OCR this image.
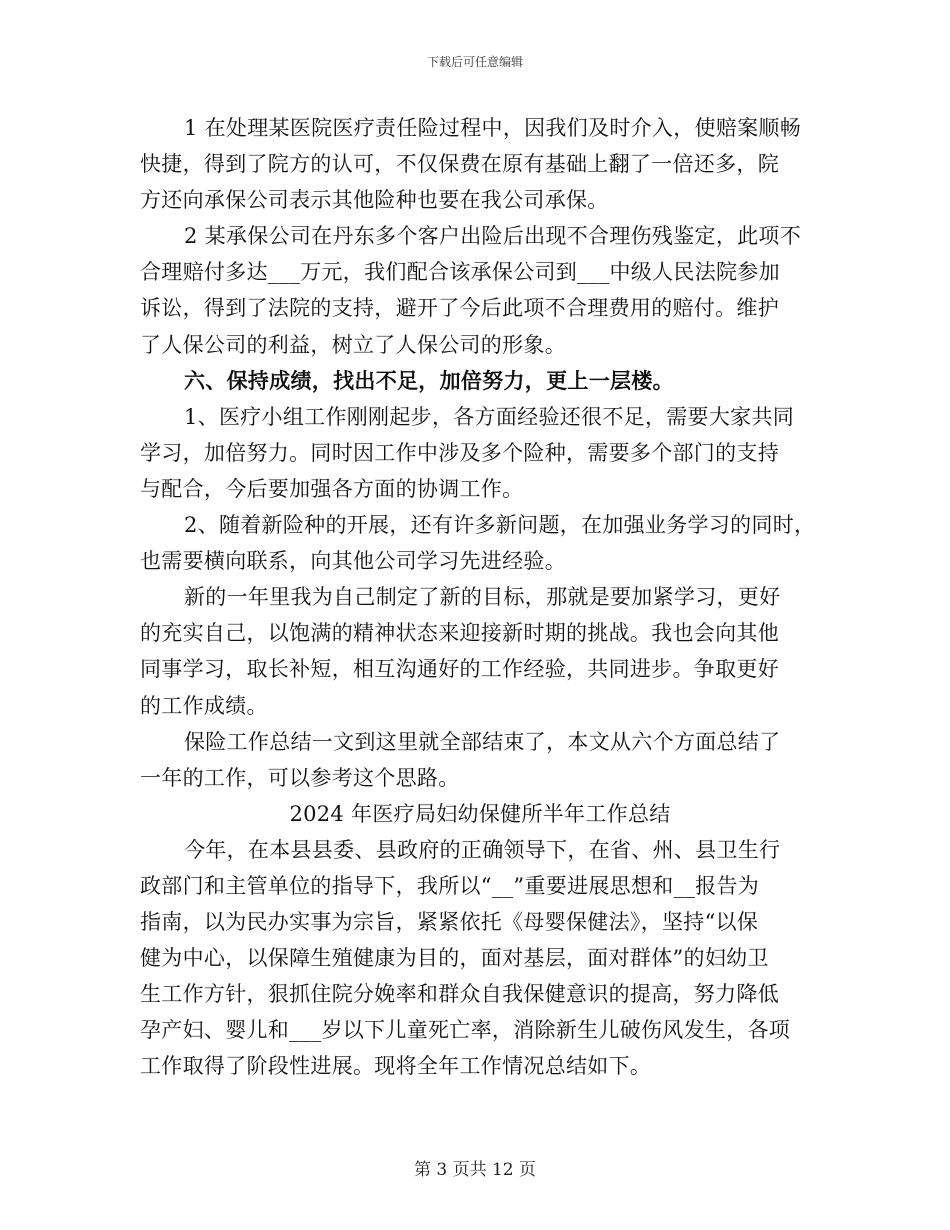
下载后可任意编辑
1 在处理某医院医疗责任险过程中，因我们及时介入，使赔案顺畅
快捷，得到了院方的认可，不仅保费在原有基础上翻了一倍还多，院
方还向承保公司表示其他险种也要在我公司承保。
2 某承保公司在丹东多个客户出险后出现不合理伤残鉴定，此项不
合理赔付多达___万元，我们配合该承保公司到___中级人民法院参加
诉讼，得到了法院的支持，避开了今后此项不合理费用的赔付。维护
了人保公司的利益，树立了人保公司的形象。
六、保持成绩，找出不足，加倍努力，更上一层楼。
1、医疗小组工作刚刚起步，各方面经验还很不足，需要大家共同
学习，加倍努力。同时因工作中涉及多个险种，需要多个部门的支持
与配合，今后要加强各方面的协调工作。
2、随着新险种的开展，还有许多新问题，在加强业务学习的同时，
也需要横向联系，向其他公司学习先进经验。
新的一年里我为自己制定了新的目标，那就是要加紧学习，更好
的充实自己，以饱满的精神状态来迎接新时期的挑战。我也会向其他
同事学习，取长补短，相互沟通好的工作经验，共同进步。争取更好
的工作成绩。
保险工作总结一文到这里就全部结束了，本文从六个方面总结了
一年的工作，可以参考这个思路。
2024 年医疗局妇幼保健所半年工作总结
今年，在本县县委、县政府的正确领导下，在省、州、县卫生行
政部门和主管单位的指导下，我所以“__”重要进展思想和__报告为
指南，以为民办实事为宗旨，紧紧依托《母婴保健法》，坚持“以保
健为中心，以保障生殖健康为目的，面对基层，面对群体”的妇幼卫
生工作方针，狠抓住院分娩率和群众自我保健意识的提高，努力降低
孕产妇、婴儿和___岁以下儿童死亡率，消除新生儿破伤风发生，各项
工作取得了阶段性进展。现将全年工作情况总结如下。
第 3 页共 12 页
